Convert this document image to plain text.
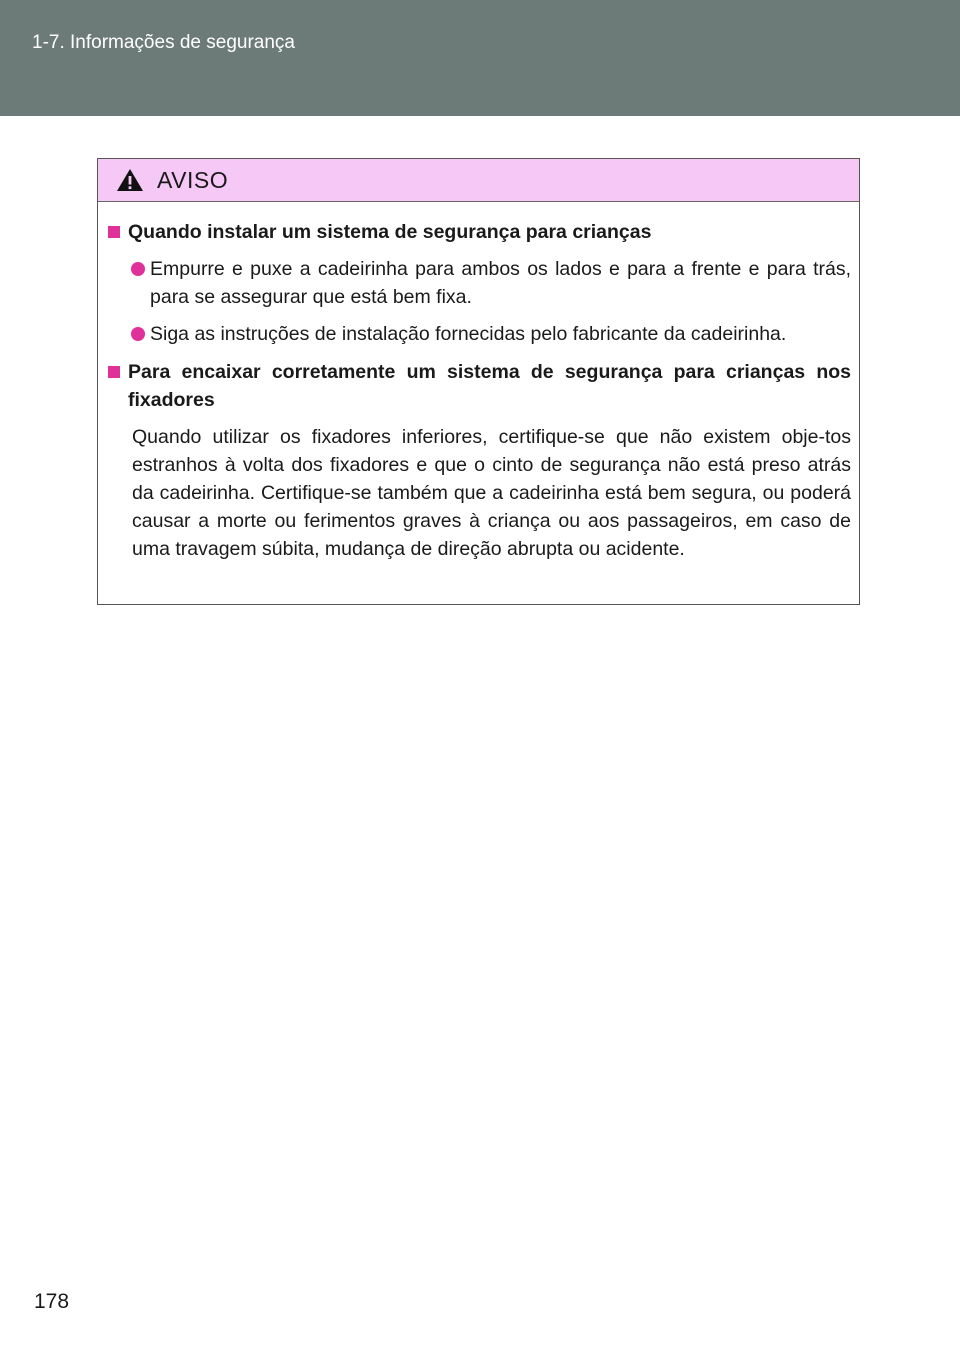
1-7. Informações de segurança
AVISO
Quando instalar um sistema de segurança para crianças
Empurre e puxe a cadeirinha para ambos os lados e para a frente e para trás, para se assegurar que está bem fixa.
Siga as instruções de instalação fornecidas pelo fabricante da cadeirinha.
Para encaixar corretamente um sistema de segurança para crianças nos fixadores
Quando utilizar os fixadores inferiores, certifique-se que não existem obje-tos estranhos à volta dos fixadores e que o cinto de segurança não está preso atrás da cadeirinha. Certifique-se também que a cadeirinha está bem segura, ou poderá causar a morte ou ferimentos graves à criança ou aos passageiros, em caso de uma travagem súbita, mudança de direção abrupta ou acidente.
178
